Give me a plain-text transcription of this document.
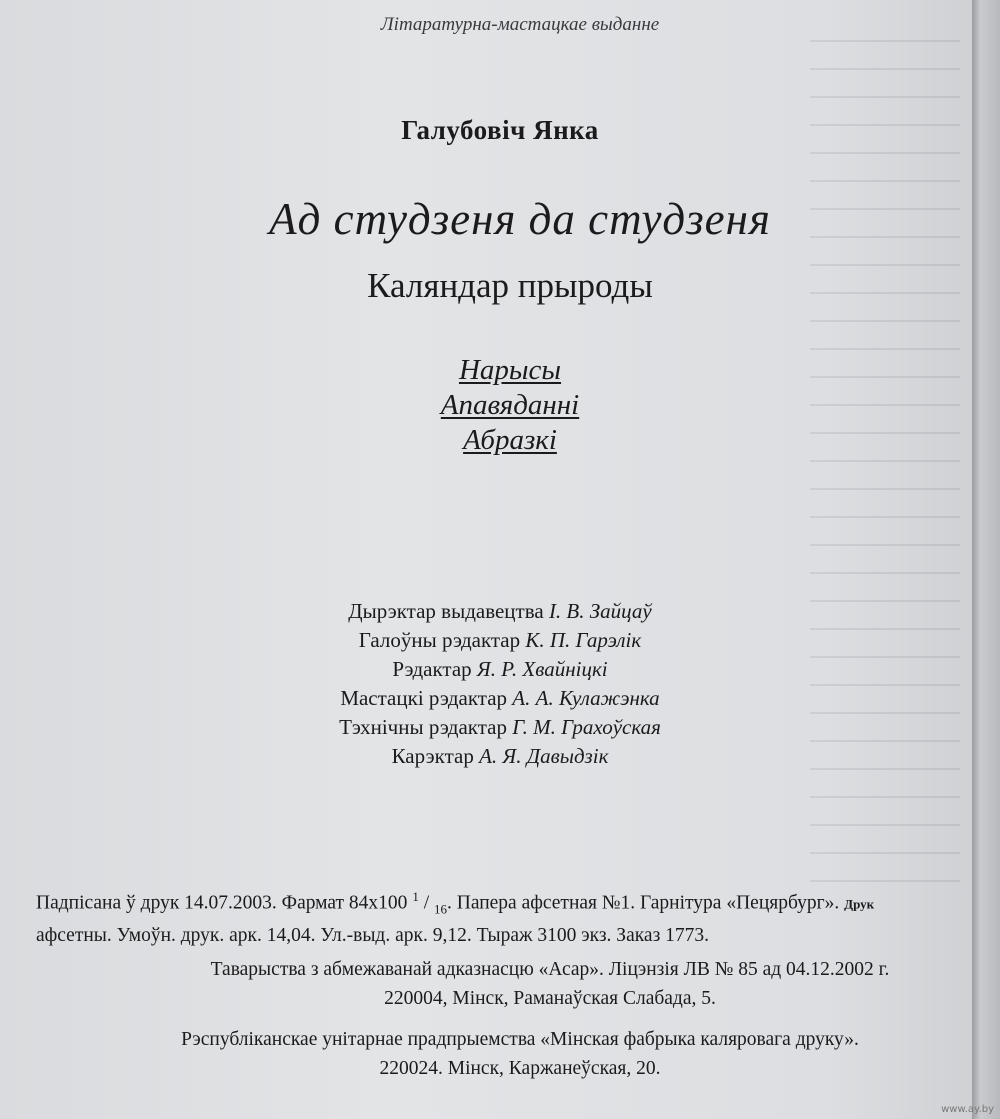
Літаратурна-мастацкае выданне
Галубовіч Янка
Ад студзеня да студзеня
Каляндар прыроды
Нарысы
Апавяданні
Абразкі
Дырэктар выдавецтва І. В. Зайцаў
Галоўны рэдактар К. П. Гарэлік
Рэдактар Я. Р. Хвайніцкі
Мастацкі рэдактар А. А. Кулажэнка
Тэхнічны рэдактар Г. М. Грахоўская
Карэктар А. Я. Давыдзік
Падпісана ў друк 14.07.2003. Фармат 84х100 $^1$ / $_{16}$. Папера афсетная №1. Гарнітура «Пецярбург». Друк
афсетны. Умоўн. друк. арк. 14,04. Ул.-выд. арк. 9,12. Тыраж 3100 экз. Заказ 1773.
Таварыства з абмежаванай адказнасцю «Асар». Ліцэнзія ЛВ № 85 ад 04.12.2002 г.
220004, Мінск, Раманаўская Слабада, 5.
Рэспубліканскае унітарнае прадпрыемства «Мінская фабрыка каляровага друку».
220024. Мінск, Каржанеўская, 20.
www.ay.by
